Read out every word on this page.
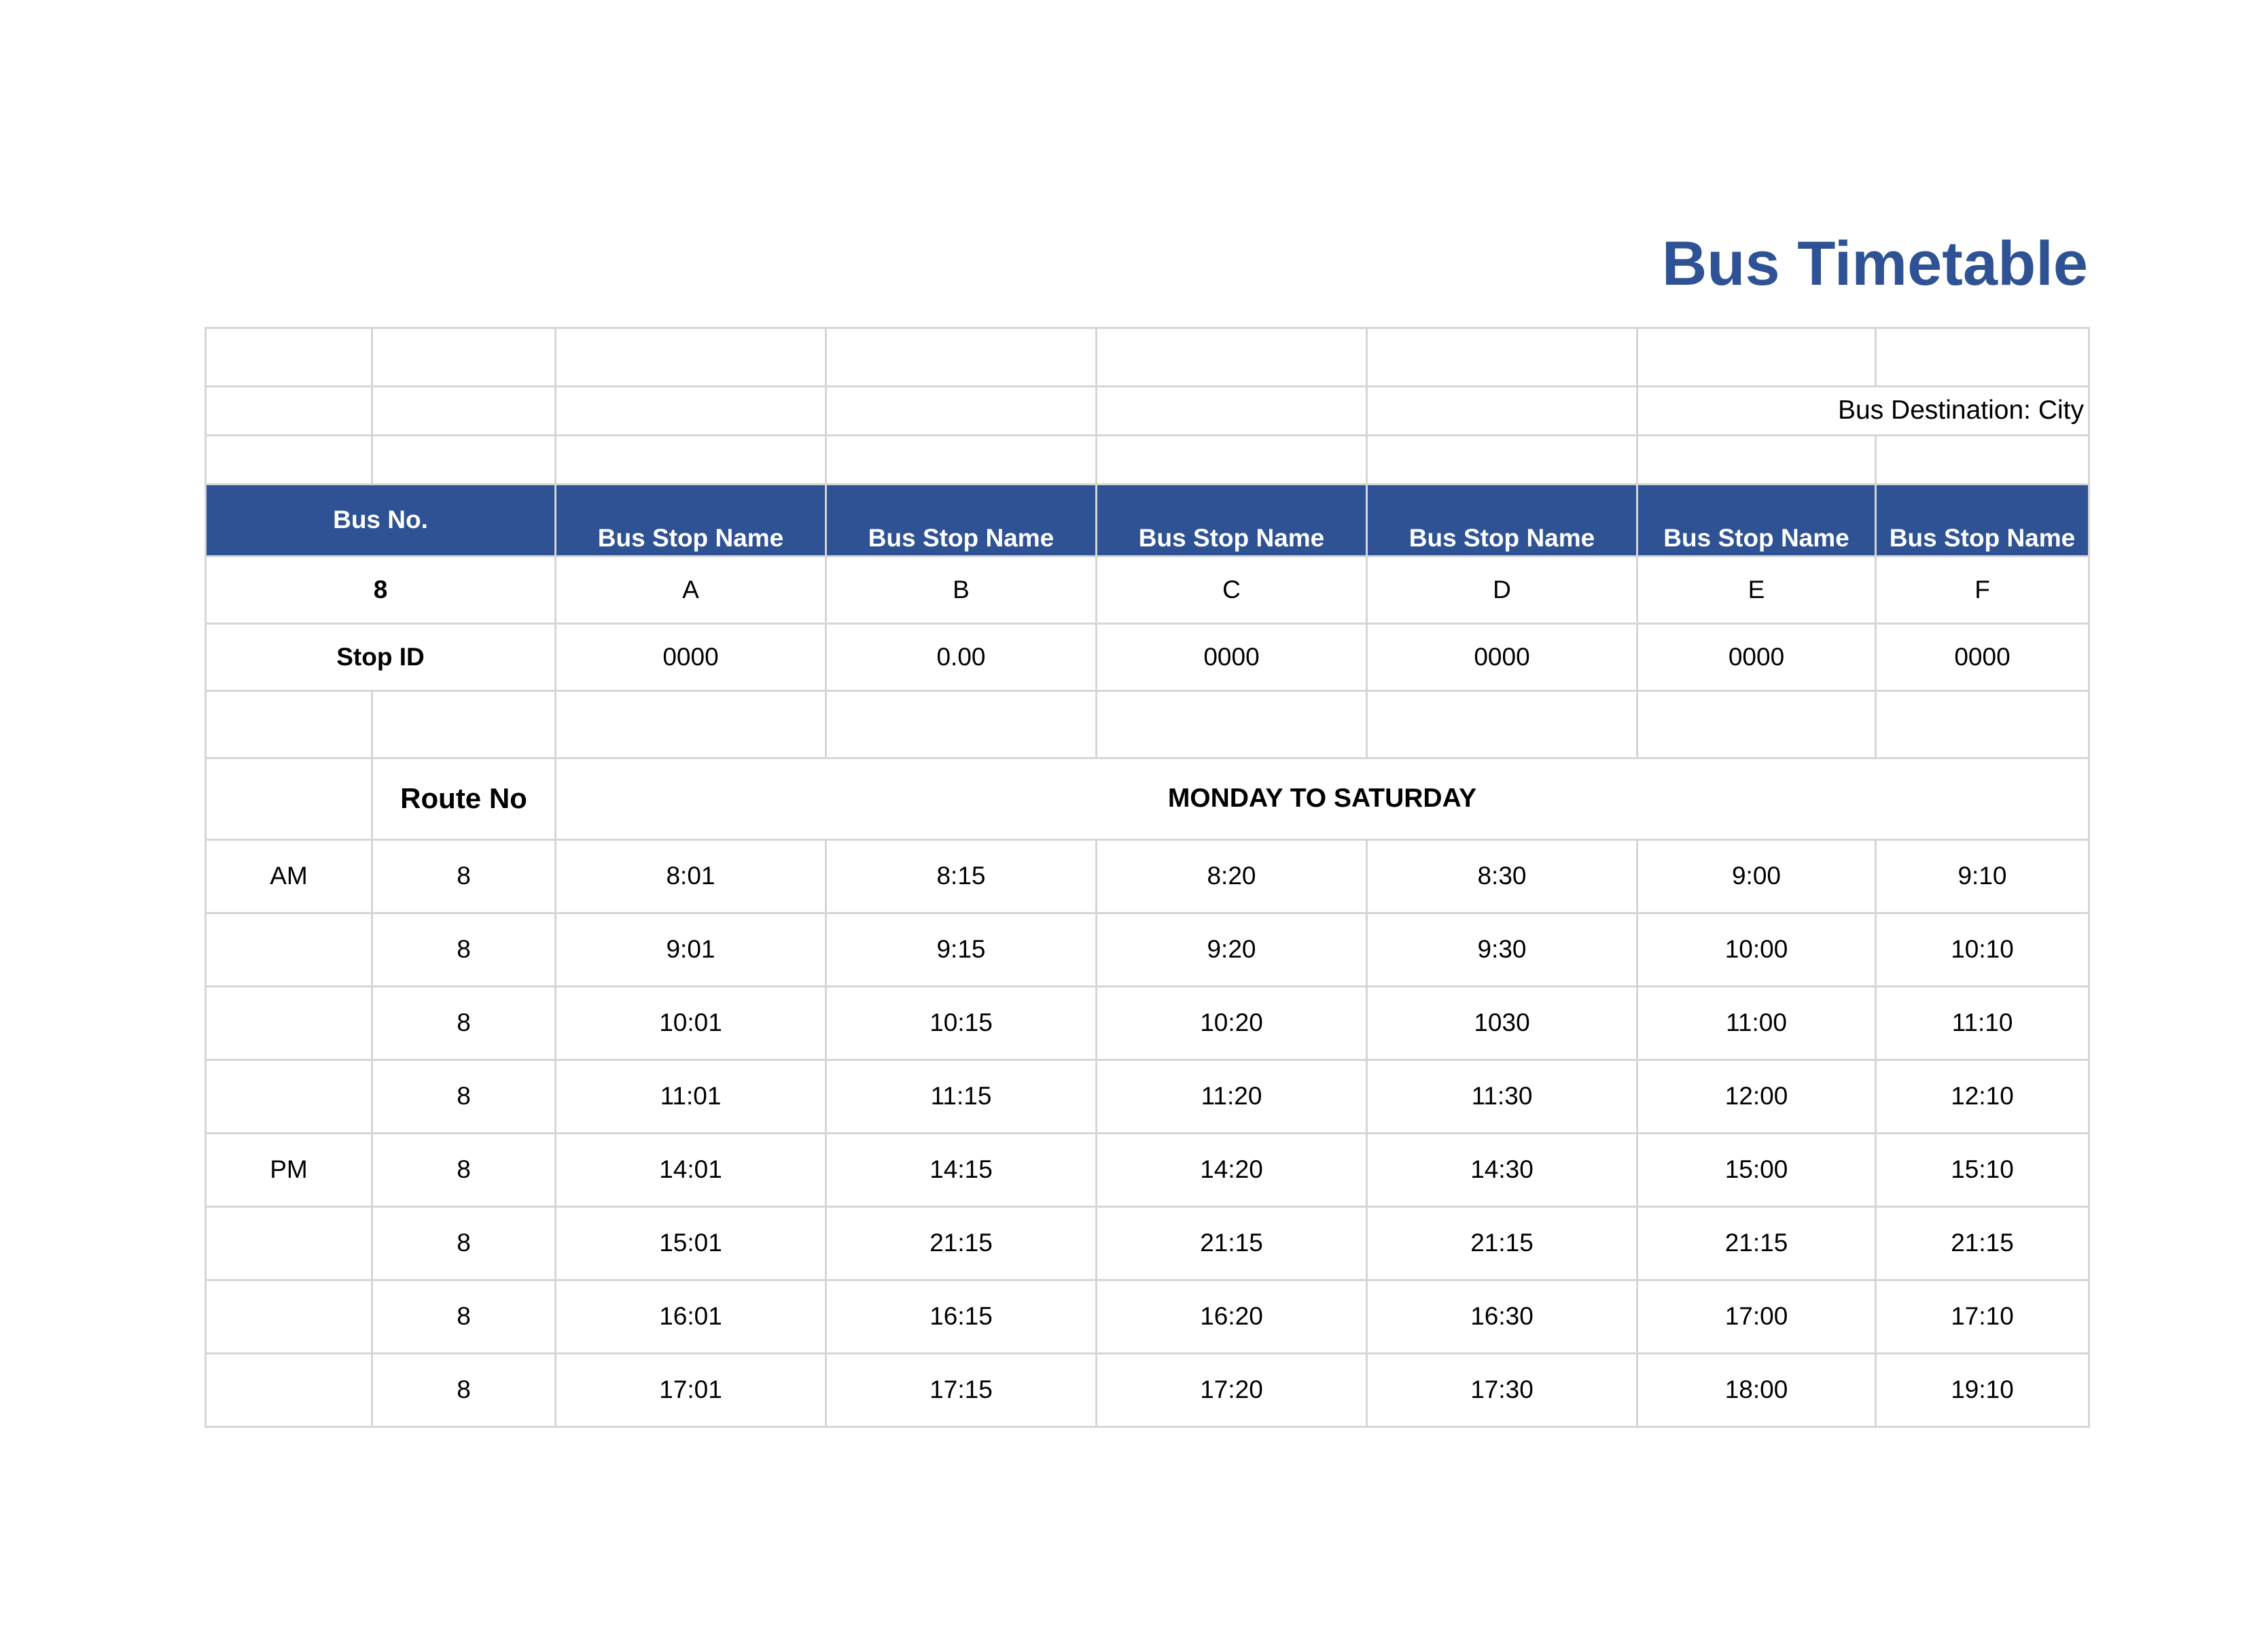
Bus Timetable

						Bus Destination: City	

Bus No.		Bus Stop Name	Bus Stop Name	Bus Stop Name	Bus Stop Name	Bus Stop Name	Bus Stop Name
8		A	B	C	D	E	F
Stop ID		0000	0.00	0000	0000	0000	0000

	Route No	MONDAY TO SATURDAY					
AM	8	8:01	8:15	8:20	8:30	9:00	9:10
	8	9:01	9:15	9:20	9:30	10:00	10:10
	8	10:01	10:15	10:20	1030	11:00	11:10
	8	11:01	11:15	11:20	11:30	12:00	12:10
PM	8	14:01	14:15	14:20	14:30	15:00	15:10
	8	15:01	21:15	21:15	21:15	21:15	21:15
	8	16:01	16:15	16:20	16:30	17:00	17:10
	8	17:01	17:15	17:20	17:30	18:00	19:10
